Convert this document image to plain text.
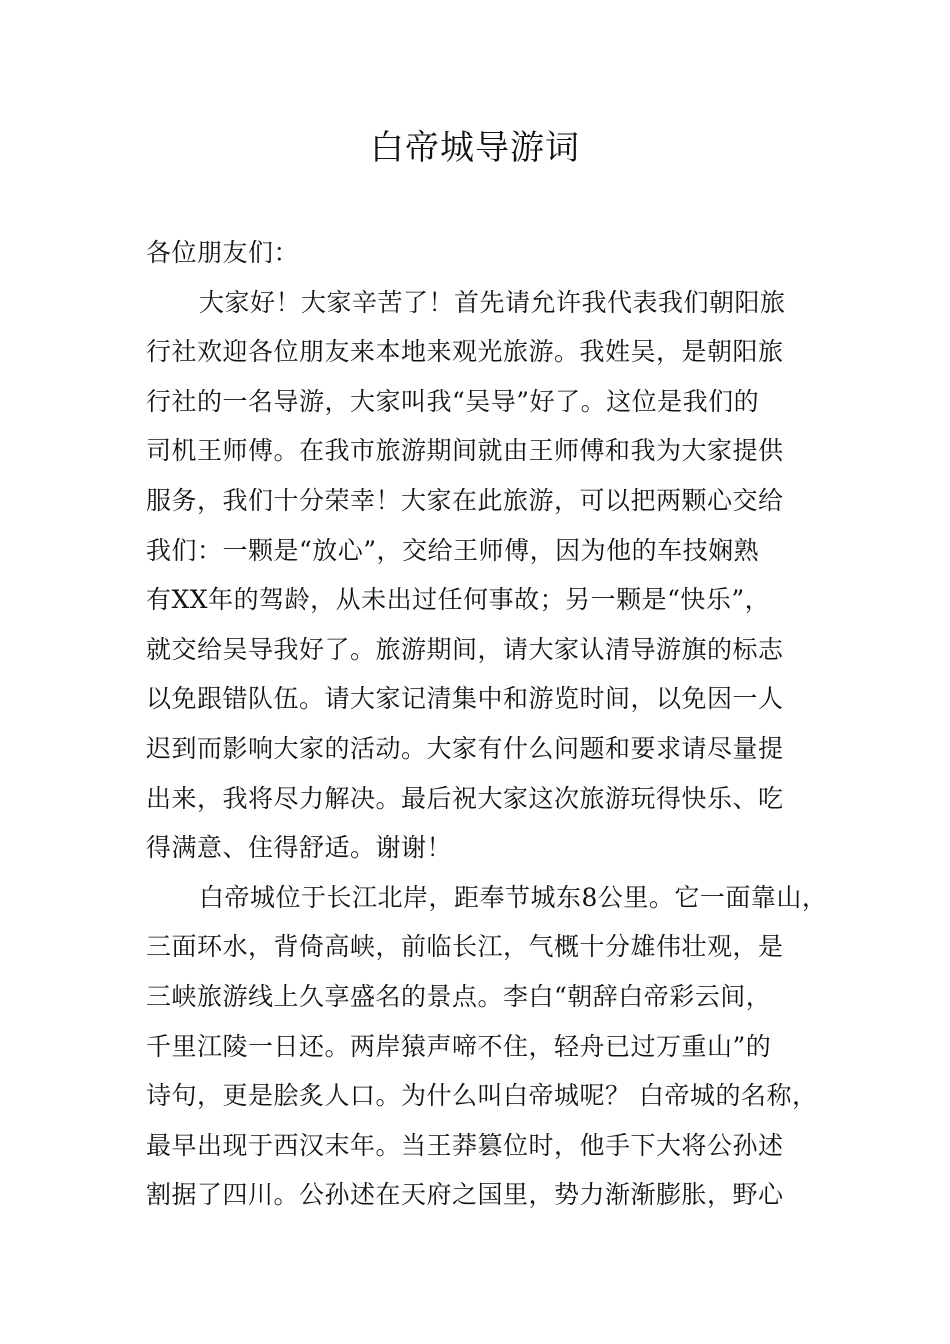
白帝城导游词
各位朋友们：
大家好！大家辛苦了！首先请允许我代表我们朝阳旅
行社欢迎各位朋友来本地来观光旅游。我姓吴，是朝阳旅
行社的一名导游，大家叫我“吴导”好了。这位是我们的
司机王师傅。在我市旅游期间就由王师傅和我为大家提供
服务，我们十分荣幸！大家在此旅游，可以把两颗心交给
我们：一颗是“放心”，交给王师傅，因为他的车技娴熟
有XX年的驾龄，从未出过任何事故；另一颗是“快乐”，
就交给吴导我好了。旅游期间，请大家认清导游旗的标志
以免跟错队伍。请大家记清集中和游览时间，以免因一人
迟到而影响大家的活动。大家有什么问题和要求请尽量提
出来，我将尽力解决。最后祝大家这次旅游玩得快乐、吃
得满意、住得舒适。谢谢！
白帝城位于长江北岸，距奉节城东8公里。它一面靠山，
三面环水，背倚高峡，前临长江，气概十分雄伟壮观，是
三峡旅游线上久享盛名的景点。李白“朝辞白帝彩云间，
千里江陵一日还。两岸猿声啼不住，轻舟已过万重山”的
诗句，更是脍炙人口。为什么叫白帝城呢？ 白帝城的名称，
最早出现于西汉末年。当王莽篡位时，他手下大将公孙述
割据了四川。公孙述在天府之国里，势力渐渐膨胀，野心
